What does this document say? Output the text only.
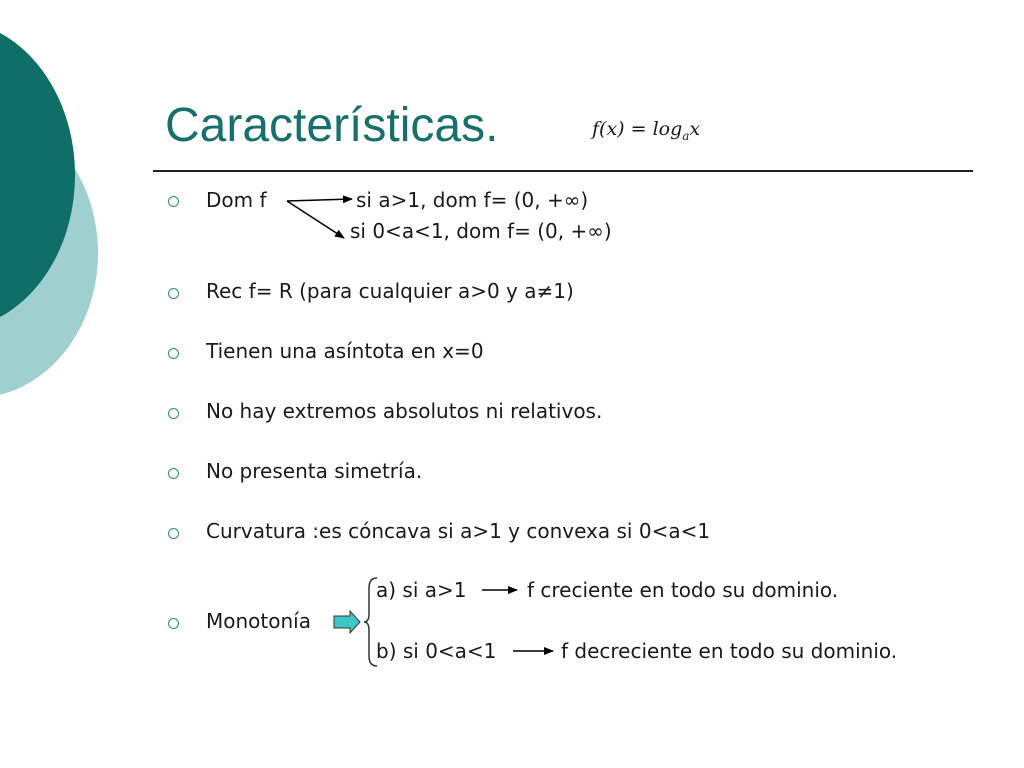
Características.	$f(x) = \log_ax$
Dom f	si a>1, dom f= (0, +∞)
si 0<a<1, dom f= (0, +∞)
Rec f= R (para cualquier a>0 y a≠1)
Tienen una asíntota en x=0
No hay extremos absolutos ni relativos.
No presenta simetría.
Curvatura :es cóncava si a>1 y convexa si 0<a<1
Monotonía
a) si a>1	f creciente en todo su dominio.
b) si 0<a<1	f decreciente en todo su dominio.
